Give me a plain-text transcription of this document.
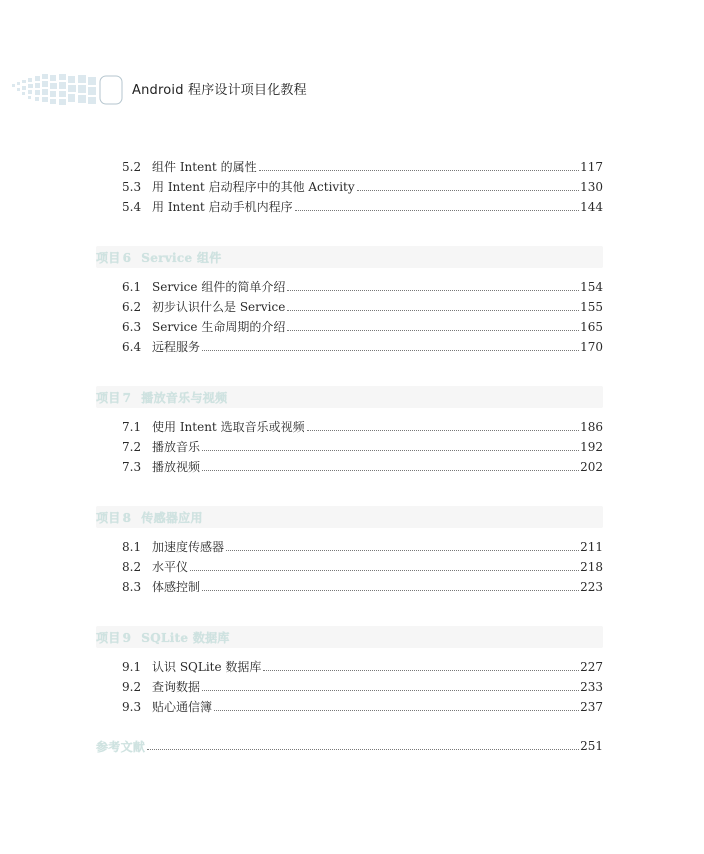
Android 程序设计项目化教程
5.2 组件 Intent 的属性	117
5.3 用 Intent 启动程序中的其他 Activity	130
5.4 用 Intent 启动手机内程序	144
项目 6 Service 组件
6.1 Service 组件的简单介绍	154
6.2 初步认识什么是 Service	155
6.3 Service 生命周期的介绍	165
6.4 远程服务	170
项目 7 播放音乐与视频
7.1 使用 Intent 选取音乐或视频	186
7.2 播放音乐	192
7.3 播放视频	202
项目 8 传感器应用
8.1 加速度传感器	211
8.2 水平仪	218
8.3 体感控制	223
项目 9 SQLite 数据库
9.1 认识 SQLite 数据库	227
9.2 查询数据	233
9.3 贴心通信簿	237
参考文献	251
